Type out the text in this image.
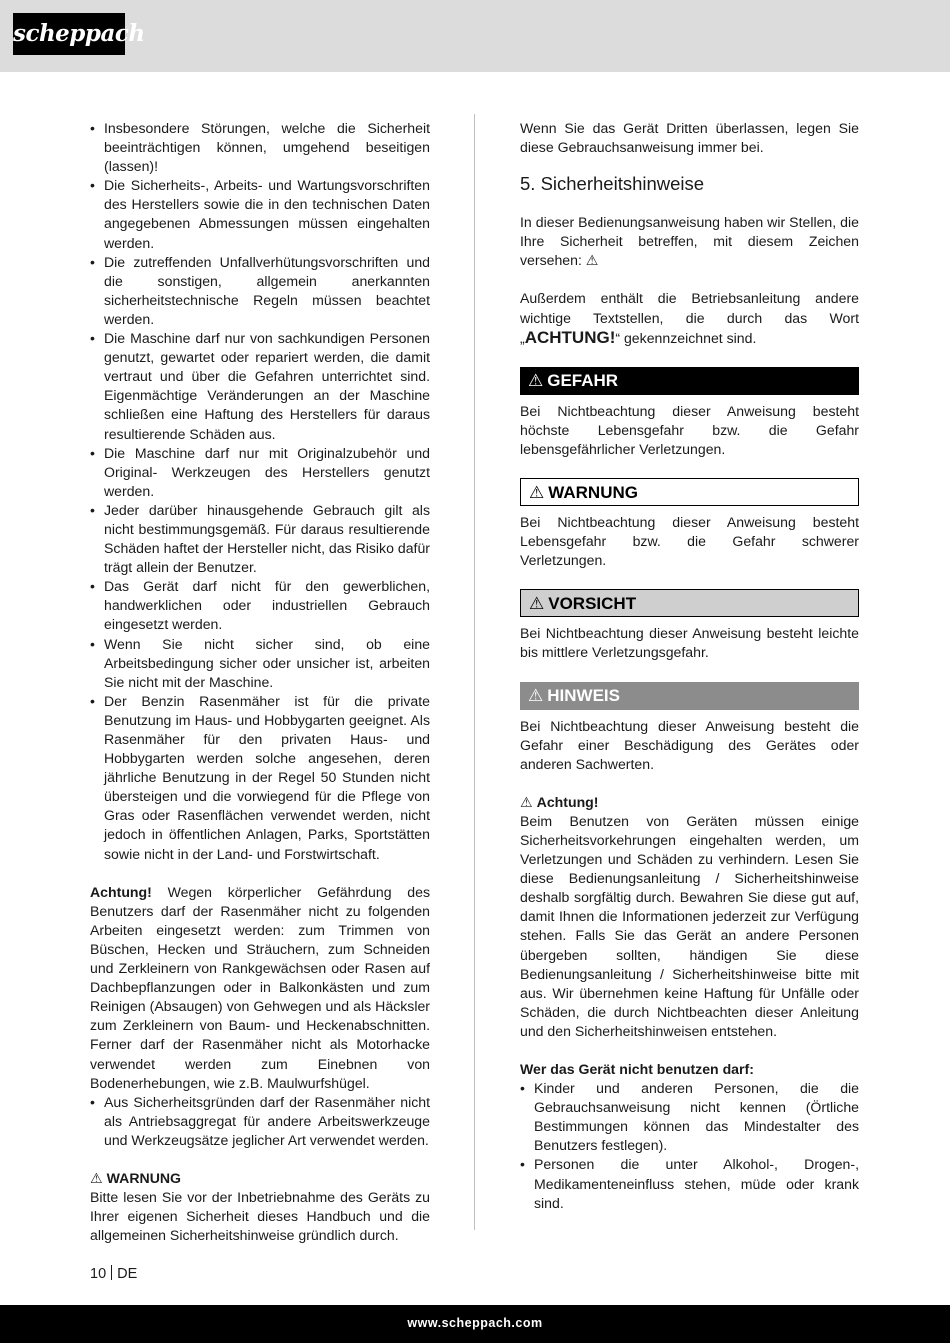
scheppach
• Insbesondere Störungen, welche die Sicherheit beeinträchtigen können, umgehend beseitigen (lassen)!
• Die Sicherheits-, Arbeits- und Wartungsvorschriften des Herstellers sowie die in den technischen Daten angegebenen Abmessungen müssen eingehalten werden.
• Die zutreffenden Unfallverhütungsvorschriften und die sonstigen, allgemein anerkannten sicherheitstechnische Regeln müssen beachtet werden.
• Die Maschine darf nur von sachkundigen Personen genutzt, gewartet oder repariert werden, die damit vertraut und über die Gefahren unterrichtet sind. Eigenmächtige Veränderungen an der Maschine schließen eine Haftung des Herstellers für daraus resultierende Schäden aus.
• Die Maschine darf nur mit Originalzubehör und Original- Werkzeugen des Herstellers genutzt werden.
• Jeder darüber hinausgehende Gebrauch gilt als nicht bestimmungsgemäß. Für daraus resultierende Schäden haftet der Hersteller nicht, das Risiko dafür trägt allein der Benutzer.
• Das Gerät darf nicht für den gewerblichen, handwerklichen oder industriellen Gebrauch eingesetzt werden.
• Wenn Sie nicht sicher sind, ob eine Arbeitsbedingung sicher oder unsicher ist, arbeiten Sie nicht mit der Maschine.
• Der Benzin Rasenmäher ist für die private Benutzung im Haus- und Hobbygarten geeignet. Als Rasenmäher für den privaten Haus- und Hobbygarten werden solche angesehen, deren jährliche Benutzung in der Regel 50 Stunden nicht übersteigen und die vorwiegend für die Pflege von Gras oder Rasenflächen verwendet werden, nicht jedoch in öffentlichen Anlagen, Parks, Sportstätten sowie nicht in der Land- und Forstwirtschaft.

Achtung! Wegen körperlicher Gefährdung des Benutzers darf der Rasenmäher nicht zu folgenden Arbeiten eingesetzt werden: zum Trimmen von Büschen, Hecken und Sträuchern, zum Schneiden und Zerkleinern von Rankgewächsen oder Rasen auf Dachbepflanzungen oder in Balkonkästen und zum Reinigen (Absaugen) von Gehwegen und als Häcksler zum Zerkleinern von Baum- und Heckenabschnitten. Ferner darf der Rasenmäher nicht als Motorhacke verwendet werden zum Einebnen von Bodenerhebungen, wie z.B. Maulwurfshügel.

• Aus Sicherheitsgründen darf der Rasenmäher nicht als Antriebsaggregat für andere Arbeitswerkzeuge und Werkzeugsätze jeglicher Art verwendet werden.

⚠ WARNUNG

Bitte lesen Sie vor der Inbetriebnahme des Geräts zu Ihrer eigenen Sicherheit dieses Handbuch und die allgemeinen Sicherheitshinweise gründlich durch.

Wenn Sie das Gerät Dritten überlassen, legen Sie diese Gebrauchsanweisung immer bei.

5. Sicherheitshinweise

In dieser Bedienungsanweisung haben wir Stellen, die Ihre Sicherheit betreffen, mit diesem Zeichen versehen: ⚠

Außerdem enthält die Betriebsanleitung andere wichtige Textstellen, die durch das Wort „ACHTUNG!“ gekennzeichnet sind.

⚠ GEFAHR

Bei Nichtbeachtung dieser Anweisung besteht höchste Lebensgefahr bzw. die Gefahr lebensgefährlicher Verletzungen.

⚠ WARNUNG

Bei Nichtbeachtung dieser Anweisung besteht Lebensgefahr bzw. die Gefahr schwerer Verletzungen.

⚠ VORSICHT

Bei Nichtbeachtung dieser Anweisung besteht leichte bis mittlere Verletzungsgefahr.

⚠ HINWEIS

Bei Nichtbeachtung dieser Anweisung besteht die Gefahr einer Beschädigung des Gerätes oder anderen Sachwerten.

⚠ Achtung!

Beim Benutzen von Geräten müssen einige Sicherheitsvorkehrungen eingehalten werden, um Verletzungen und Schäden zu verhindern. Lesen Sie diese Bedienungsanleitung / Sicherheitshinweise deshalb sorgfältig durch. Bewahren Sie diese gut auf, damit Ihnen die Informationen jederzeit zur Verfügung stehen. Falls Sie das Gerät an andere Personen übergeben sollten, händigen Sie diese Bedienungsanleitung / Sicherheitshinweise bitte mit aus. Wir übernehmen keine Haftung für Unfälle oder Schäden, die durch Nichtbeachten dieser Anleitung und den Sicherheitshinweisen entstehen.

Wer das Gerät nicht benutzen darf:

• Kinder und anderen Personen, die die Gebrauchsanweisung nicht kennen (Örtliche Bestimmungen können das Mindestalter des Benutzers festlegen).
• Personen die unter Alkohol-, Drogen-, Medikamenteneinfluss stehen, müde oder krank sind.
10 DE
www.scheppach.com
